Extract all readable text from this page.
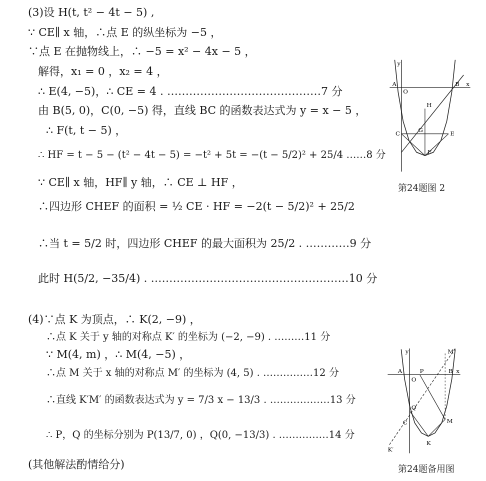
(3)设 H(t, t² − 4t − 5) ,
∵ CE∥ x 轴，∴点 E 的纵坐标为 −5 ，
∵点 E 在抛物线上，∴ −5 = x² − 4x − 5 ，
解得，x₁ = 0 ，x₂ = 4 ，
∴ E(4, −5)，∴ CE = 4 . ……………………………………7 分
由 B(5, 0)，C(0, −5) 得，直线 BC 的函数表达式为 y = x − 5 ，
∴ F(t, t − 5) ，
∴ HF = t − 5 − (t² − 4t − 5) = −t² + 5t = −(t − 5/2)² + 25/4 ……8 分
∵ CE∥ x 轴，HF∥ y 轴，∴ CE ⊥ HF ，
∴四边形 CHEF 的面积 = ½ CE · HF = −2(t − 5/2)² + 25/2
∴当 t = 5/2 时，四边形 CHEF 的最大面积为 25/2 . …………9 分
此时 H(5/2, −35/4) . ………………………………………………10 分
(4)∵点 K 为顶点，∴ K(2, −9) ，
∴点 K 关于 y 轴的对称点 K′ 的坐标为 (−2, −9) . ………11 分
∵ M(4, m) ，∴ M(4, −5) ，
∴点 M 关于 x 轴的对称点 M′ 的坐标为 (4, 5) . ……………12 分
∴直线 K′M′ 的函数表达式为 y = 7/3 x − 13/3 . ………………13 分
∴ P，Q 的坐标分别为 P(13/7, 0) ，Q(0, −13/3) . ……………14 分
(其他解法酌情给分)
y
A
O
B x
H
C
G
F
E
第24题图 2
y	M′
P	B x
A
O
Q
C	M
K
K′
第24题备用图
